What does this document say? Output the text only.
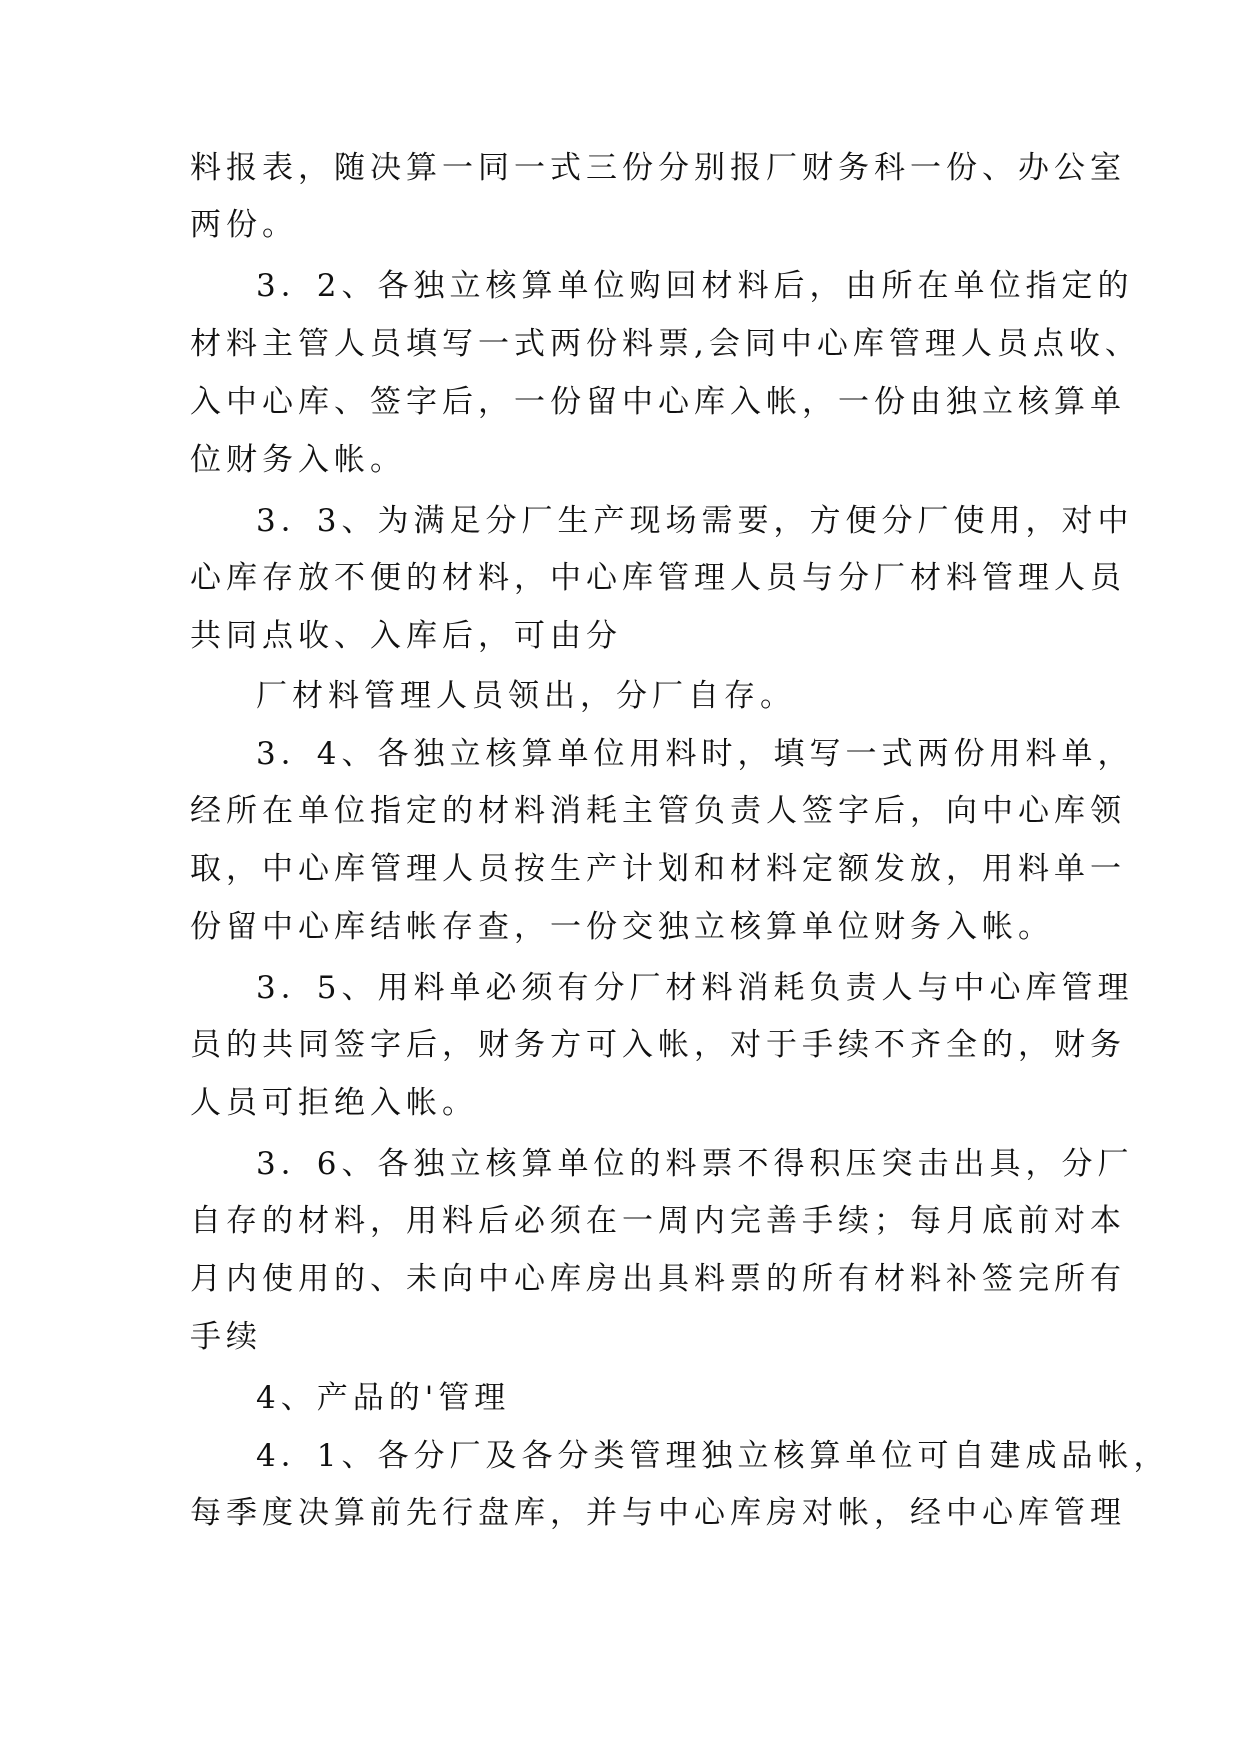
料报表，随决算一同一式三份分别报厂财务科一份、办公室
两份。
3．2、各独立核算单位购回材料后，由所在单位指定的
材料主管人员填写一式两份料票,会同中心库管理人员点收、
入中心库、签字后，一份留中心库入帐，一份由独立核算单
位财务入帐。
3．3、为满足分厂生产现场需要，方便分厂使用，对中
心库存放不便的材料，中心库管理人员与分厂材料管理人员
共同点收、入库后，可由分
厂材料管理人员领出，分厂自存。
3．4、各独立核算单位用料时，填写一式两份用料单，
经所在单位指定的材料消耗主管负责人签字后，向中心库领
取，中心库管理人员按生产计划和材料定额发放，用料单一
份留中心库结帐存查，一份交独立核算单位财务入帐。
3．5、用料单必须有分厂材料消耗负责人与中心库管理
员的共同签字后，财务方可入帐，对于手续不齐全的，财务
人员可拒绝入帐。
3．6、各独立核算单位的料票不得积压突击出具，分厂
自存的材料，用料后必须在一周内完善手续；每月底前对本
月内使用的、未向中心库房出具料票的所有材料补签完所有
手续
4、产品的'管理
4．1、各分厂及各分类管理独立核算单位可自建成品帐，
每季度决算前先行盘库，并与中心库房对帐，经中心库管理
